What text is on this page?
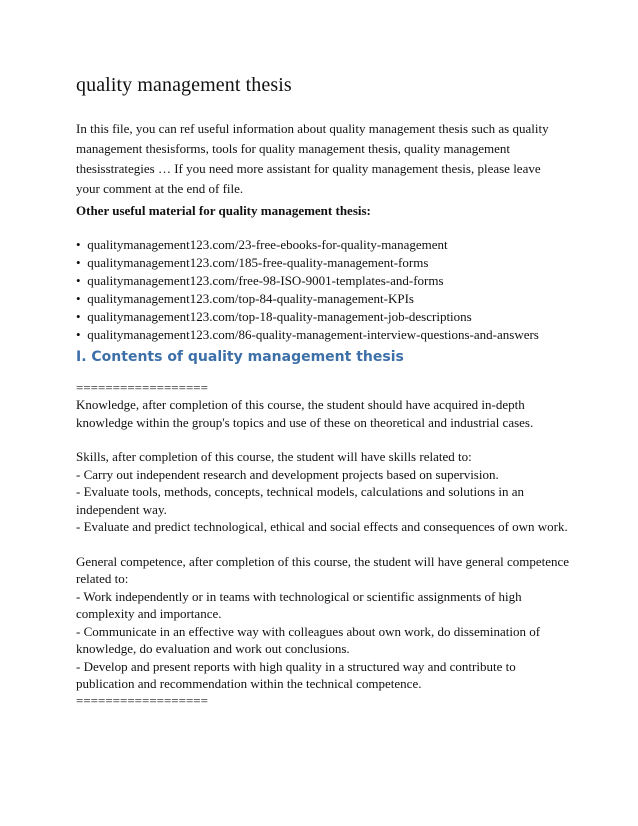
quality management thesis
In this file, you can ref useful information about quality management thesis such as quality management thesisforms, tools for quality management thesis, quality management thesisstrategies … If you need more assistant for quality management thesis, please leave your comment at the end of file.
Other useful material for quality management thesis:
• qualitymanagement123.com/23-free-ebooks-for-quality-management
• qualitymanagement123.com/185-free-quality-management-forms
• qualitymanagement123.com/free-98-ISO-9001-templates-and-forms
• qualitymanagement123.com/top-84-quality-management-KPIs
• qualitymanagement123.com/top-18-quality-management-job-descriptions
• qualitymanagement123.com/86-quality-management-interview-questions-and-answers
I. Contents of quality management thesis
==================

Knowledge, after completion of this course, the student should have acquired in-depth knowledge within the group's topics and use of these on theoretical and industrial cases.

Skills, after completion of this course, the student will have skills related to:

- Carry out independent research and development projects based on supervision.

- Evaluate tools, methods, concepts, technical models, calculations and solutions in an independent way.

- Evaluate and predict technological, ethical and social effects and consequences of own work.

General competence, after completion of this course, the student will have general competence related to:

- Work independently or in teams with technological or scientific assignments of high complexity and importance.

- Communicate in an effective way with colleagues about own work, do dissemination of knowledge, do evaluation and work out conclusions.

- Develop and present reports with high quality in a structured way and contribute to publication and recommendation within the technical competence.

==================
